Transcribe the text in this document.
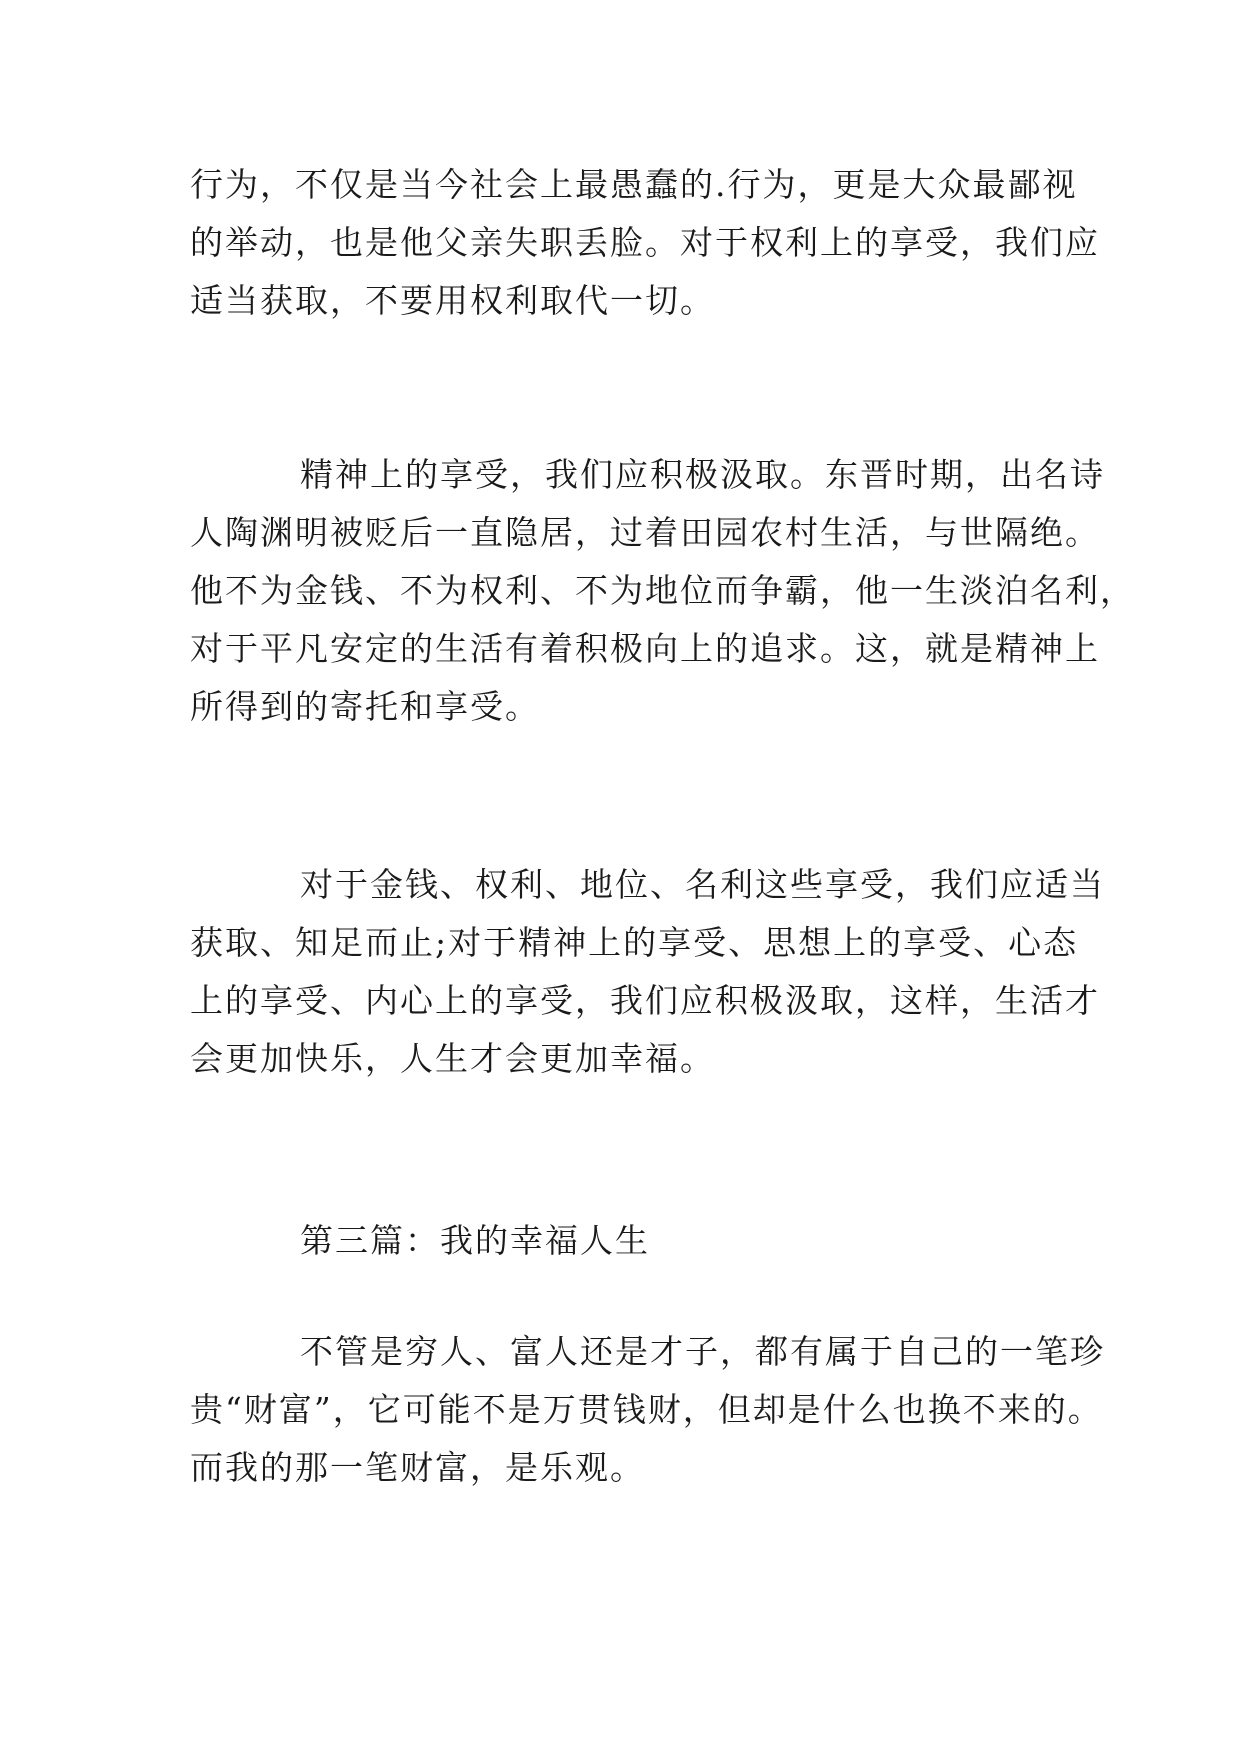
行为，不仅是当今社会上最愚蠢的.行为，更是大众最鄙视
的举动，也是他父亲失职丢脸。对于权利上的享受，我们应
适当获取，不要用权利取代一切。
精神上的享受，我们应积极汲取。东晋时期，出名诗
人陶渊明被贬后一直隐居，过着田园农村生活，与世隔绝。
他不为金钱、不为权利、不为地位而争霸，他一生淡泊名利，
对于平凡安定的生活有着积极向上的追求。这，就是精神上
所得到的寄托和享受。
对于金钱、权利、地位、名利这些享受，我们应适当
获取、知足而止;对于精神上的享受、思想上的享受、心态
上的享受、内心上的享受，我们应积极汲取，这样，生活才
会更加快乐，人生才会更加幸福。
第三篇：我的幸福人生
不管是穷人、富人还是才子，都有属于自己的一笔珍
贵“财富”，它可能不是万贯钱财，但却是什么也换不来的。
而我的那一笔财富，是乐观。
